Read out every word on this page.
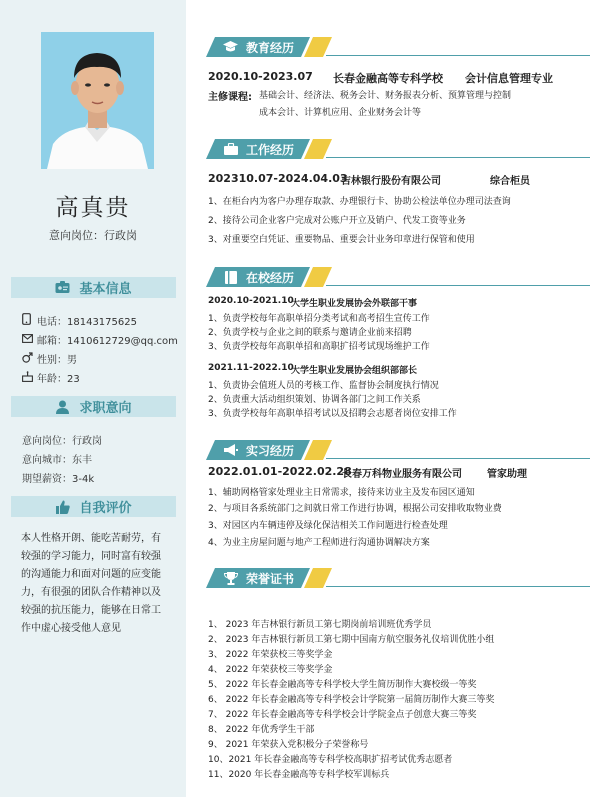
高真贵
意向岗位：行政岗
基本信息
电话：18143175625
邮箱：1410612729@qq.com
性别：男
年龄：23
求职意向
意向岗位：行政岗
意向城市：东丰
期望薪资：3-4k
自我评价
本人性格开朗、能吃苦耐劳，有较强的学习能力，同时富有较强的沟通能力和面对问题的应变能力，有很强的团队合作精神以及较强的抗压能力，能够在日常工作中虚心接受他人意见
教育经历
2020.10-2023.07 长春金融高等专科学校 会计信息管理专业
主修课程: 基础会计、经济法、税务会计、财务报表分析、预算管理与控制
成本会计、计算机应用、企业财务会计等
工作经历
202310.07-2024.04.03
吉林银行股份有限公司	综合柜员
1、在柜台内为客户办理存取款、办理银行卡、协助公检法单位办理司法查询
2、接待公司企业客户完成对公账户开立及销户、代发工资等业务
3、对重要空白凭证、重要物品、重要会计业务印章进行保管和使用
在校经历
2020.10-2021.10
大学生职业发展协会外联部干事
1、负责学校每年高职单招分类考试和高考招生宣传工作
2、负责学校与企业之间的联系与邀请企业前来招聘
3、负责学校每年高职单招和高职扩招考试现场维护工作
2021.11-2022.10
大学生职业发展协会组织部部长
1、负责协会值班人员的考核工作、监督协会制度执行情况
2、负责重大活动组织策划、协调各部门之间工作关系
3、负责学校每年高职单招考试以及招聘会志愿者岗位安排工作
实习经历
2022.01.01-2022.02.28
长春万科物业服务有限公司	管家助理
1、辅助网格管家处理业主日常需求，接待来访业主及发布园区通知
2、与项目各系统部门之间就日常工作进行协调，根据公司安排收取物业费
3、对园区内车辆违停及绿化保洁相关工作问题进行检查处理
4、为业主房屋问题与地产工程师进行沟通协调解决方案
荣誉证书
1、 2023 年吉林银行新员工第七期岗前培训班优秀学员
2、 2023 年吉林银行新员工第七期中国南方航空服务礼仪培训优胜小组
3、 2022 年荣获校三等奖学金
4、 2022 年荣获校三等奖学金
5、 2022 年长春金融高等专科学校大学生简历制作大赛校级一等奖
6、 2022 年长春金融高等专科学校会计学院第一届简历制作大赛三等奖
7、 2022 年长春金融高等专科学校会计学院金点子创意大赛三等奖
8、 2022 年优秀学生干部
9、 2021 年荣获入党积极分子荣誉称号
10、2021 年长春金融高等专科学校高职扩招考试优秀志愿者
11、2020 年长春金融高等专科学校军训标兵
